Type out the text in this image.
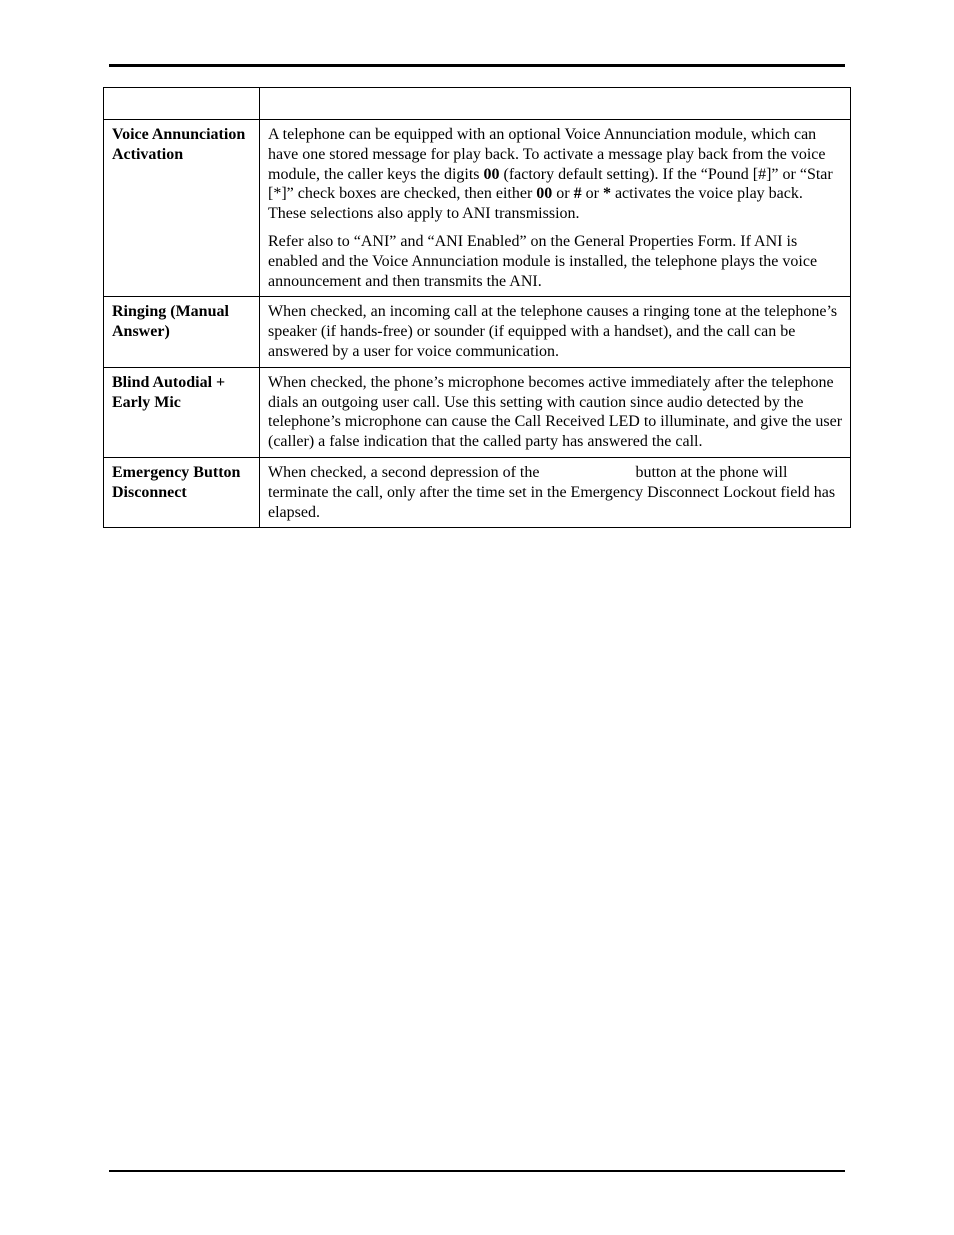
Voice Annunciation Activation	A telephone can be equipped with an optional Voice Annunciation module, which can have one stored message for play back. To activate a message play back from the voice module, the caller keys the digits 00 (factory default setting). If the “Pound [#]” or “Star [*]” check boxes are checked, then either 00 or # or * activates the voice play back. These selections also apply to ANI transmission.

Refer also to “ANI” and “ANI Enabled” on the General Properties Form. If ANI is enabled and the Voice Annunciation module is installed, the telephone plays the voice announcement and then transmits the ANI.

Ringing (Manual Answer)	When checked, an incoming call at the telephone causes a ringing tone at the telephone’s speaker (if hands-free) or sounder (if equipped with a handset), and the call can be answered by a user for voice communication.
Blind Autodial + Early Mic	When checked, the phone’s microphone becomes active immediately after the telephone dials an outgoing user call. Use this setting with caution since audio detected by the telephone’s microphone can cause the Call Received LED to illuminate, and give the user (caller) a false indication that the called party has answered the call.
Emergency Button Disconnect	When checked, a second depression of the button at the phone will terminate the call, only after the time set in the Emergency Disconnect Lockout field has elapsed.
